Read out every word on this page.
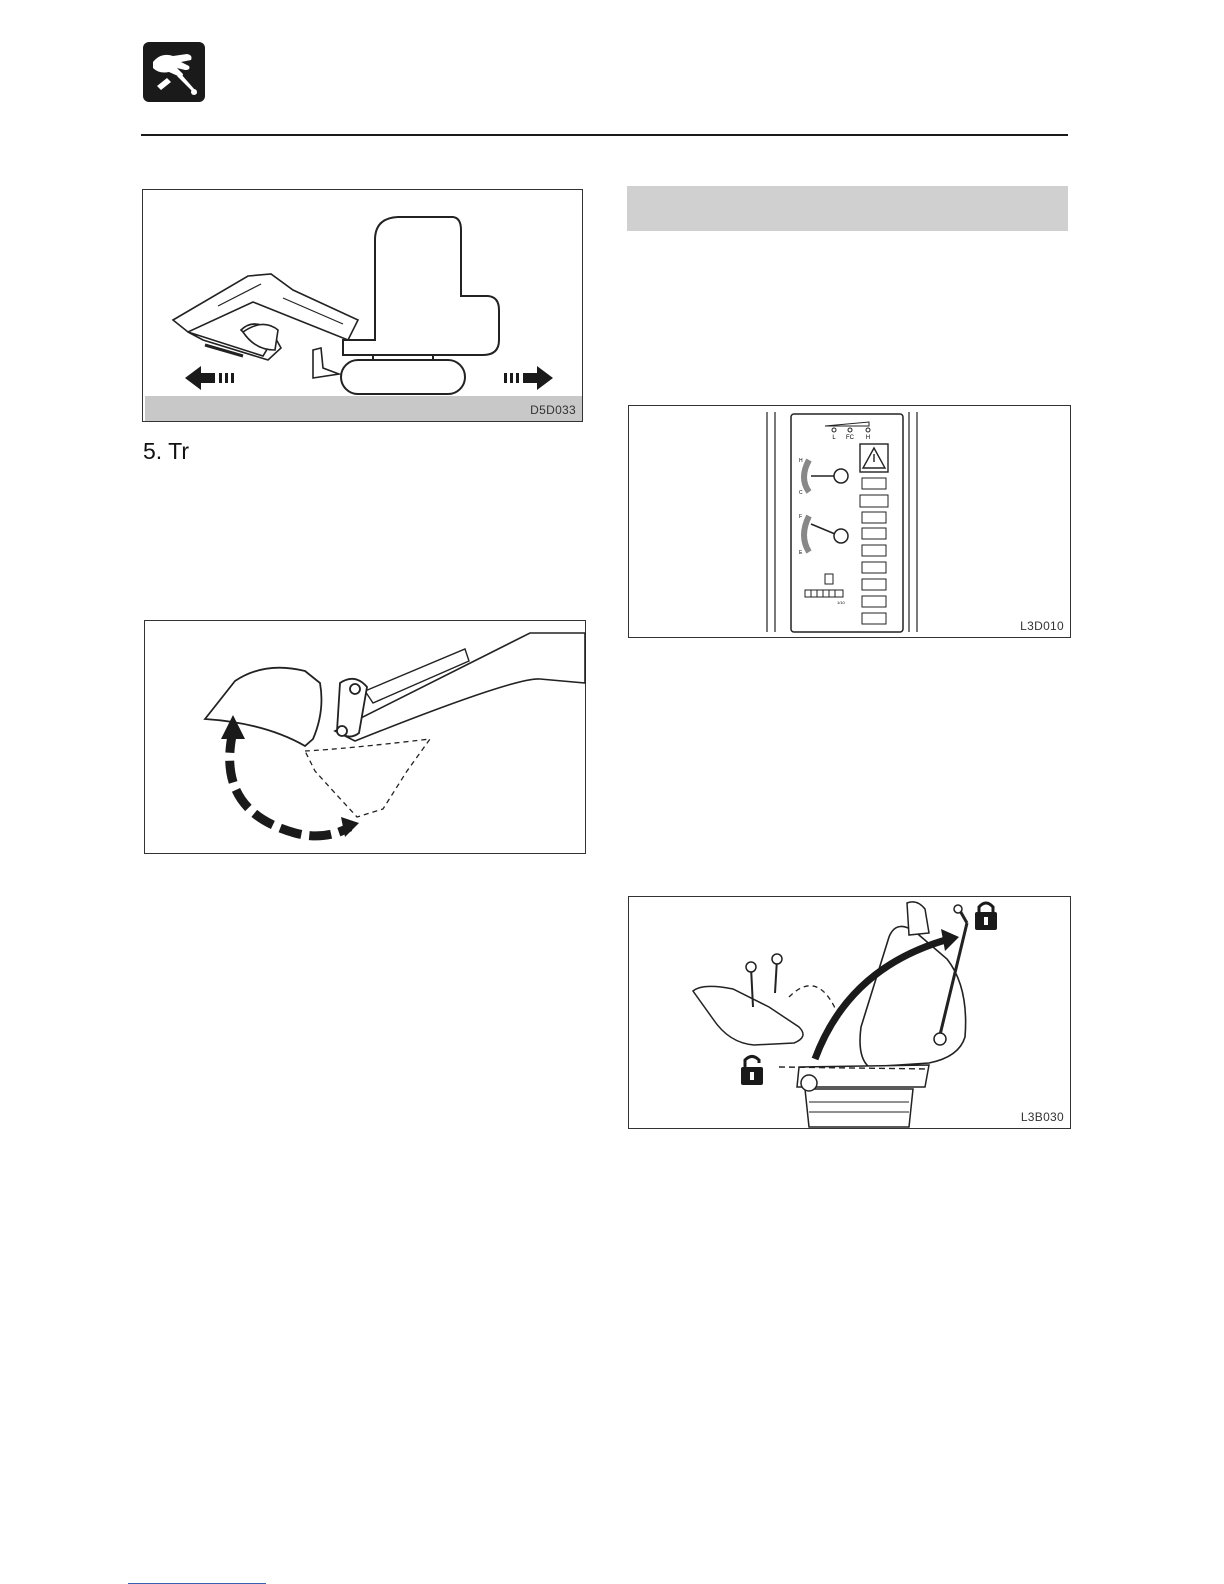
D5D033
5. Tr	L FC H
H
C
F
E
1/10
L3D010
L3B030
